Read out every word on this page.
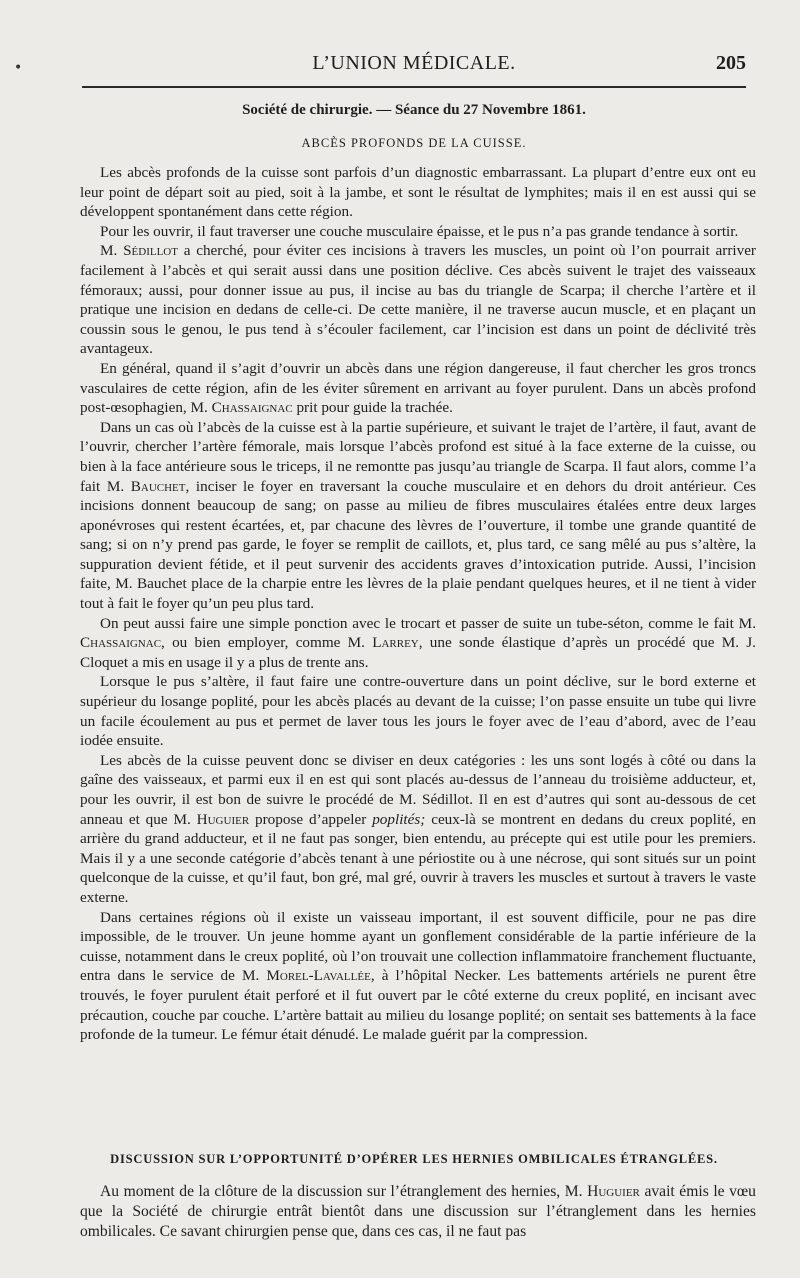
•	L’UNION MÉDICALE.	205
Société de chirurgie. — Séance du 27 Novembre 1861.
ABCÈS PROFONDS DE LA CUISSE.

Les abcès profonds de la cuisse sont parfois d’un diagnostic embarrassant. La plupart d’entre eux ont eu leur point de départ soit au pied, soit à la jambe, et sont le résultat de lymphites; mais il en est aussi qui se développent spontanément dans cette région.

Pour les ouvrir, il faut traverser une couche musculaire épaisse, et le pus n’a pas grande tendance à sortir.

M. Sédillot a cherché, pour éviter ces incisions à travers les muscles, un point où l’on pourrait arriver facilement à l’abcès et qui serait aussi dans une position déclive. Ces abcès suivent le trajet des vaisseaux fémoraux; aussi, pour donner issue au pus, il incise au bas du triangle de Scarpa; il cherche l’artère et il pratique une incision en dedans de celle-ci. De cette manière, il ne traverse aucun muscle, et en plaçant un coussin sous le genou, le pus tend à s’écouler facilement, car l’incision est dans un point de déclivité très avantageux.

En général, quand il s’agit d’ouvrir un abcès dans une région dangereuse, il faut chercher les gros troncs vasculaires de cette région, afin de les éviter sûrement en arrivant au foyer purulent. Dans un abcès profond post-œsophagien, M. Chassaignac prit pour guide la trachée.

Dans un cas où l’abcès de la cuisse est à la partie supérieure, et suivant le trajet de l’artère, il faut, avant de l’ouvrir, chercher l’artère fémorale, mais lorsque l’abcès profond est situé à la face externe de la cuisse, ou bien à la face antérieure sous le triceps, il ne remontte pas jusqu’au triangle de Scarpa. Il faut alors, comme l’a fait M. Bauchet, inciser le foyer en traversant la couche musculaire et en dehors du droit antérieur. Ces incisions donnent beaucoup de sang; on passe au milieu de fibres musculaires étalées entre deux larges aponévroses qui restent écartées, et, par chacune des lèvres de l’ouverture, il tombe une grande quantité de sang; si on n’y prend pas garde, le foyer se remplit de caillots, et, plus tard, ce sang mêlé au pus s’altère, la suppuration devient fétide, et il peut survenir des accidents graves d’intoxication putride. Aussi, l’incision faite, M. Bauchet place de la charpie entre les lèvres de la plaie pendant quelques heures, et il ne tient à vider tout à fait le foyer qu’un peu plus tard.

On peut aussi faire une simple ponction avec le trocart et passer de suite un tube-séton, comme le fait M. Chassaignac, ou bien employer, comme M. Larrey, une sonde élastique d’après un procédé que M. J. Cloquet a mis en usage il y a plus de trente ans.

Lorsque le pus s’altère, il faut faire une contre-ouverture dans un point déclive, sur le bord externe et supérieur du losange poplité, pour les abcès placés au devant de la cuisse; l’on passe ensuite un tube qui livre un facile écoulement au pus et permet de laver tous les jours le foyer avec de l’eau d’abord, avec de l’eau iodée ensuite.

Les abcès de la cuisse peuvent donc se diviser en deux catégories : les uns sont logés à côté ou dans la gaîne des vaisseaux, et parmi eux il en est qui sont placés au-dessus de l’anneau du troisième adducteur, et, pour les ouvrir, il est bon de suivre le procédé de M. Sédillot. Il en est d’autres qui sont au-dessous de cet anneau et que M. Huguier propose d’appeler poplités; ceux-là se montrent en dedans du creux poplité, en arrière du grand adducteur, et il ne faut pas songer, bien entendu, au précepte qui est utile pour les premiers. Mais il y a une seconde catégorie d’abcès tenant à une périostite ou à une nécrose, qui sont situés sur un point quelconque de la cuisse, et qu’il faut, bon gré, mal gré, ouvrir à travers les muscles et surtout à travers le vaste externe.

Dans certaines régions où il existe un vaisseau important, il est souvent difficile, pour ne pas dire impossible, de le trouver. Un jeune homme ayant un gonflement considérable de la partie inférieure de la cuisse, notamment dans le creux poplité, où l’on trouvait une collection inflammatoire franchement fluctuante, entra dans le service de M. Morel-Lavallée, à l’hôpital Necker. Les battements artériels ne purent être trouvés, le foyer purulent était perforé et il fut ouvert par le côté externe du creux poplité, en incisant avec précaution, couche par couche. L’artère battait au milieu du losange poplité; on sentait ses battements à la face profonde de la tumeur. Le fémur était dénudé. Le malade guérit par la compression.

DISCUSSION SUR L’OPPORTUNITÉ D’OPÉRER LES HERNIES OMBILICALES ÉTRANGLÉES.

Au moment de la clôture de la discussion sur l’étranglement des hernies, M. Huguier avait émis le vœu que la Société de chirurgie entrât bientôt dans une discussion sur l’étranglement dans les hernies ombilicales. Ce savant chirurgien pense que, dans ces cas, il ne faut pas
